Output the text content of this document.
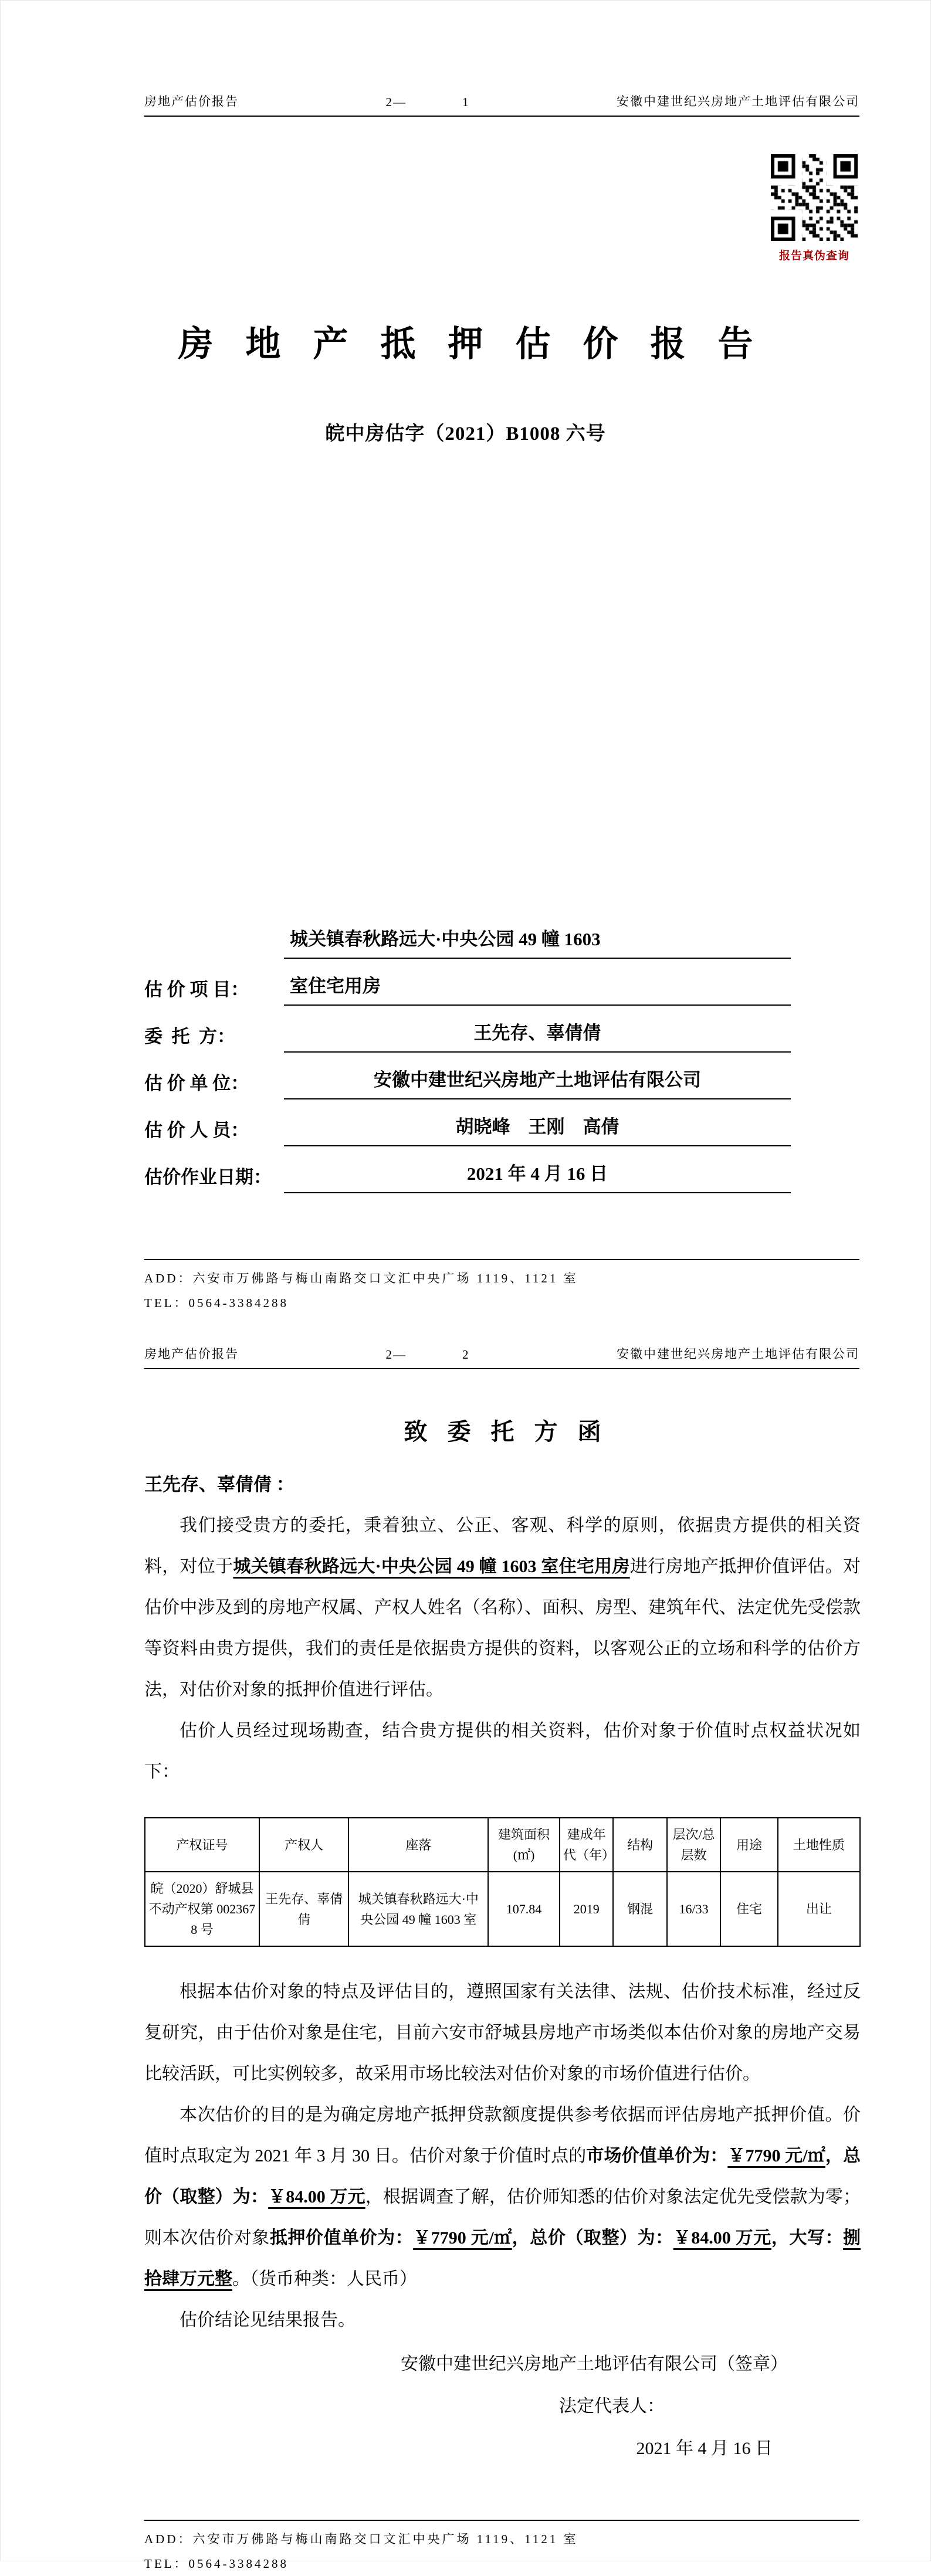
房地产估价报告	2—	1	安徽中建世纪兴房地产土地评估有限公司
报告真伪查询
房地产抵押估价报告
皖中房估字（2021）B1008 六号
估 价 项 目：
城关镇春秋路远大·中央公园 49 幢 1603
室住宅用房
委  托  方：	王先存、辜倩倩
估 价 单 位：	安徽中建世纪兴房地产土地评估有限公司
估 价 人 员：	胡晓峰    王刚    高倩
估价作业日期：	2021 年 4 月 16 日
ADD：六安市万佛路与梅山南路交口文汇中央广场 1119、1121 室
TEL：0564-3384288
房地产估价报告	2—	2	安徽中建世纪兴房地产土地评估有限公司
致委托方函
王先存、辜倩倩 ：

我们接受贵方的委托，秉着独立、公正、客观、科学的原则，依据贵方提供的相关资料，对位于城关镇春秋路远大·中央公园 49 幢 1603 室住宅用房进行房地产抵押价值评估。对估价中涉及到的房地产权属、产权人姓名（名称）、面积、房型、建筑年代、法定优先受偿款等资料由贵方提供，我们的责任是依据贵方提供的资料，以客观公正的立场和科学的估价方法，对估价对象的抵押价值进行评估。

估价人员经过现场勘查，结合贵方提供的相关资料，估价对象于价值时点权益状况如下：

产权证号	产权人	座落	建筑面积(㎡)	建成年代（年）	结构	层次/总层数	用途	土地性质
皖（2020）舒城县不动产权第 0023678 号	王先存、辜倩倩	城关镇春秋路远大·中央公园 49 幢 1603 室	107.84	2019	钢混	16/33	住宅	出让

根据本估价对象的特点及评估目的，遵照国家有关法律、法规、估价技术标准，经过反复研究，由于估价对象是住宅，目前六安市舒城县房地产市场类似本估价对象的房地产交易比较活跃，可比实例较多，故采用市场比较法对估价对象的市场价值进行估价。

本次估价的目的是为确定房地产抵押贷款额度提供参考依据而评估房地产抵押价值。价值时点取定为 2021 年 3 月 30 日。估价对象于价值时点的市场价值单价为：￥7790 元/㎡，总价（取整）为：￥84.00 万元，根据调查了解，估价师知悉的估价对象法定优先受偿款为零；则本次估价对象抵押价值单价为：￥7790 元/㎡，总价（取整）为：￥84.00 万元，大写：捌拾肆万元整。（货币种类：人民币）

估价结论见结果报告。

安徽中建世纪兴房地产土地评估有限公司（签章）
法定代表人：
2021 年 4 月 16 日
ADD：六安市万佛路与梅山南路交口文汇中央广场 1119、1121 室
TEL：0564-3384288
